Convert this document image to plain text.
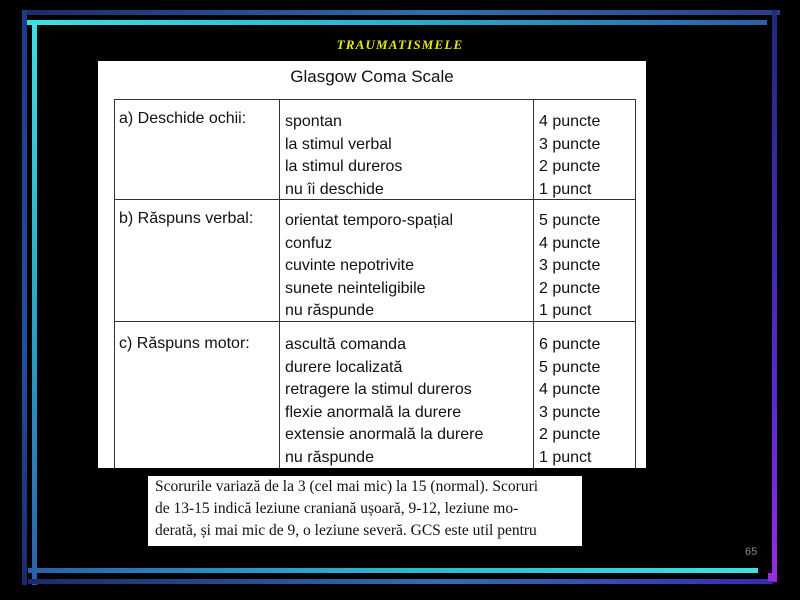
TRAUMATISMELE
Glasgow Coma Scale
a) Deschide ochii: spontan
la stimul verbal
la stimul dureros
nu îi deschide
4 puncte
3 puncte
2 puncte
1 punct
b) Răspuns verbal: orientat temporo-spațial
confuz
cuvinte nepotrivite
sunete neinteligibile
nu răspunde
5 puncte
4 puncte
3 puncte
2 puncte
1 punct
c) Răspuns motor: ascultă comanda
durere localizată
retragere la stimul dureros
flexie anormală la durere
extensie anormală la durere
nu răspunde
6 puncte
5 puncte
4 puncte
3 puncte
2 puncte
1 punct
Scorurile variază de la 3 (cel mai mic) la 15 (normal). Scoruri
de 13-15 indică leziune craniană ușoară, 9-12, leziune mo-
derată, și mai mic de 9, o leziune severă. GCS este util pentru
65
